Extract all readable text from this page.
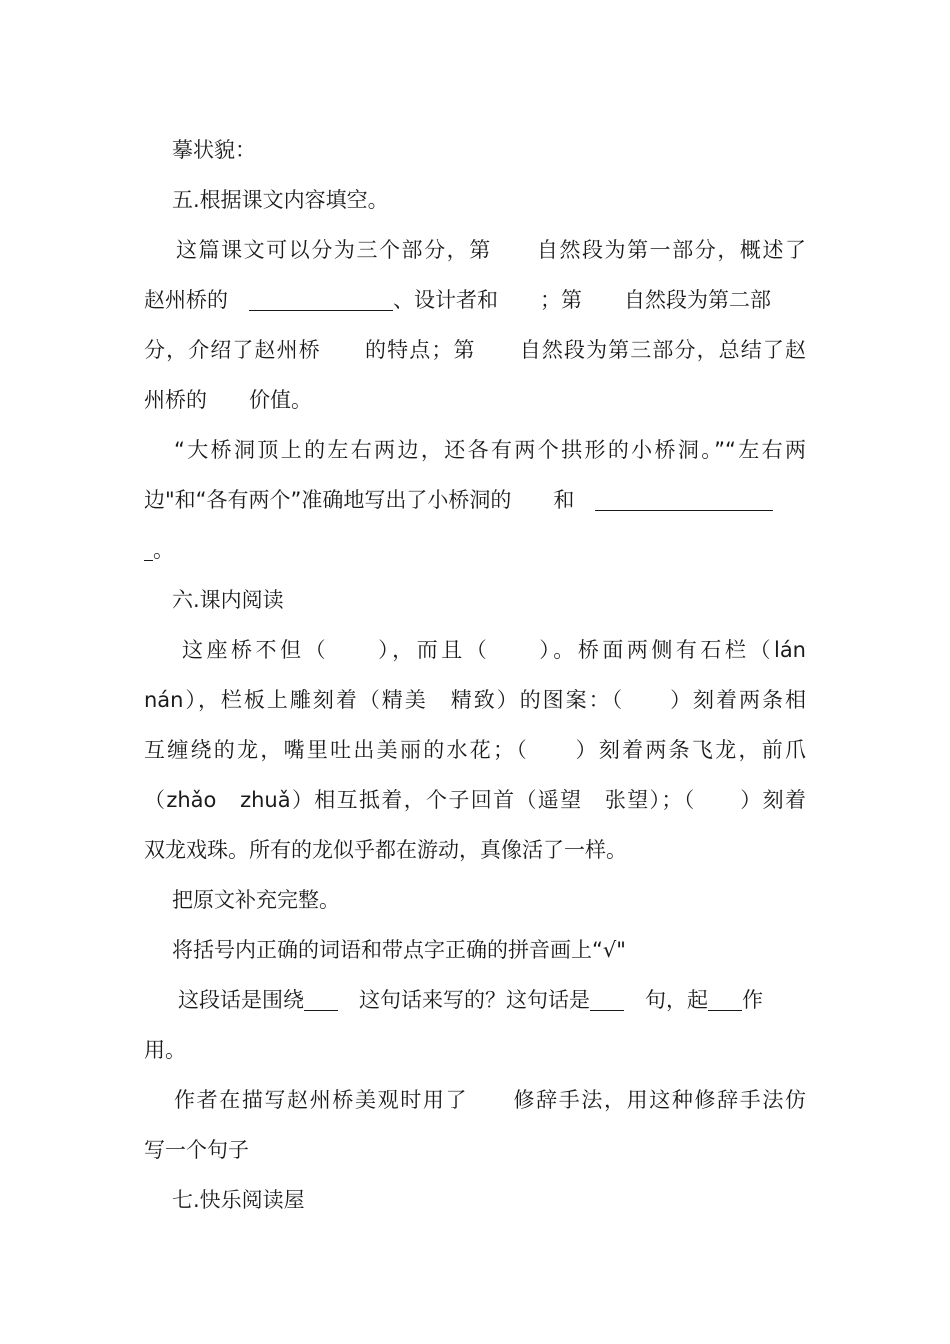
摹状貌：
五.根据课文内容填空。
这篇课文可以分为三个部分，第　　自然段为第一部分，概述了
赵州桥的　	、设计者和　　；第　　自然段为第二部
分，介绍了赵州桥　　的特点；第　　自然段为第三部分，总结了赵
州桥的　　价值。
“大桥洞顶上的左右两边，还各有两个拱形的小桥洞。”“左右两
边"和“各有两个”准确地写出了小桥洞的　　和　
。
六.课内阅读
这座桥不但（　　），而且（　　）。桥面两侧有石栏（lán
nán），栏板上雕刻着（精美　精致）的图案：（　　）刻着两条相
互缠绕的龙，嘴里吐出美丽的水花；（　　）刻着两条飞龙，前爪
（zhǎo　zhuǎ）相互抵着，个子回首（遥望　张望）；（　　）刻着
双龙戏珠。所有的龙似乎都在游动，真像活了一样。
把原文补充完整。
将括号内正确的词语和带点字正确的拼音画上“√"
这段话是围绕　这句话来写的？这句话是　句，起 作
用。
作者在描写赵州桥美观时用了　　修辞手法，用这种修辞手法仿
写一个句子
七.快乐阅读屋
